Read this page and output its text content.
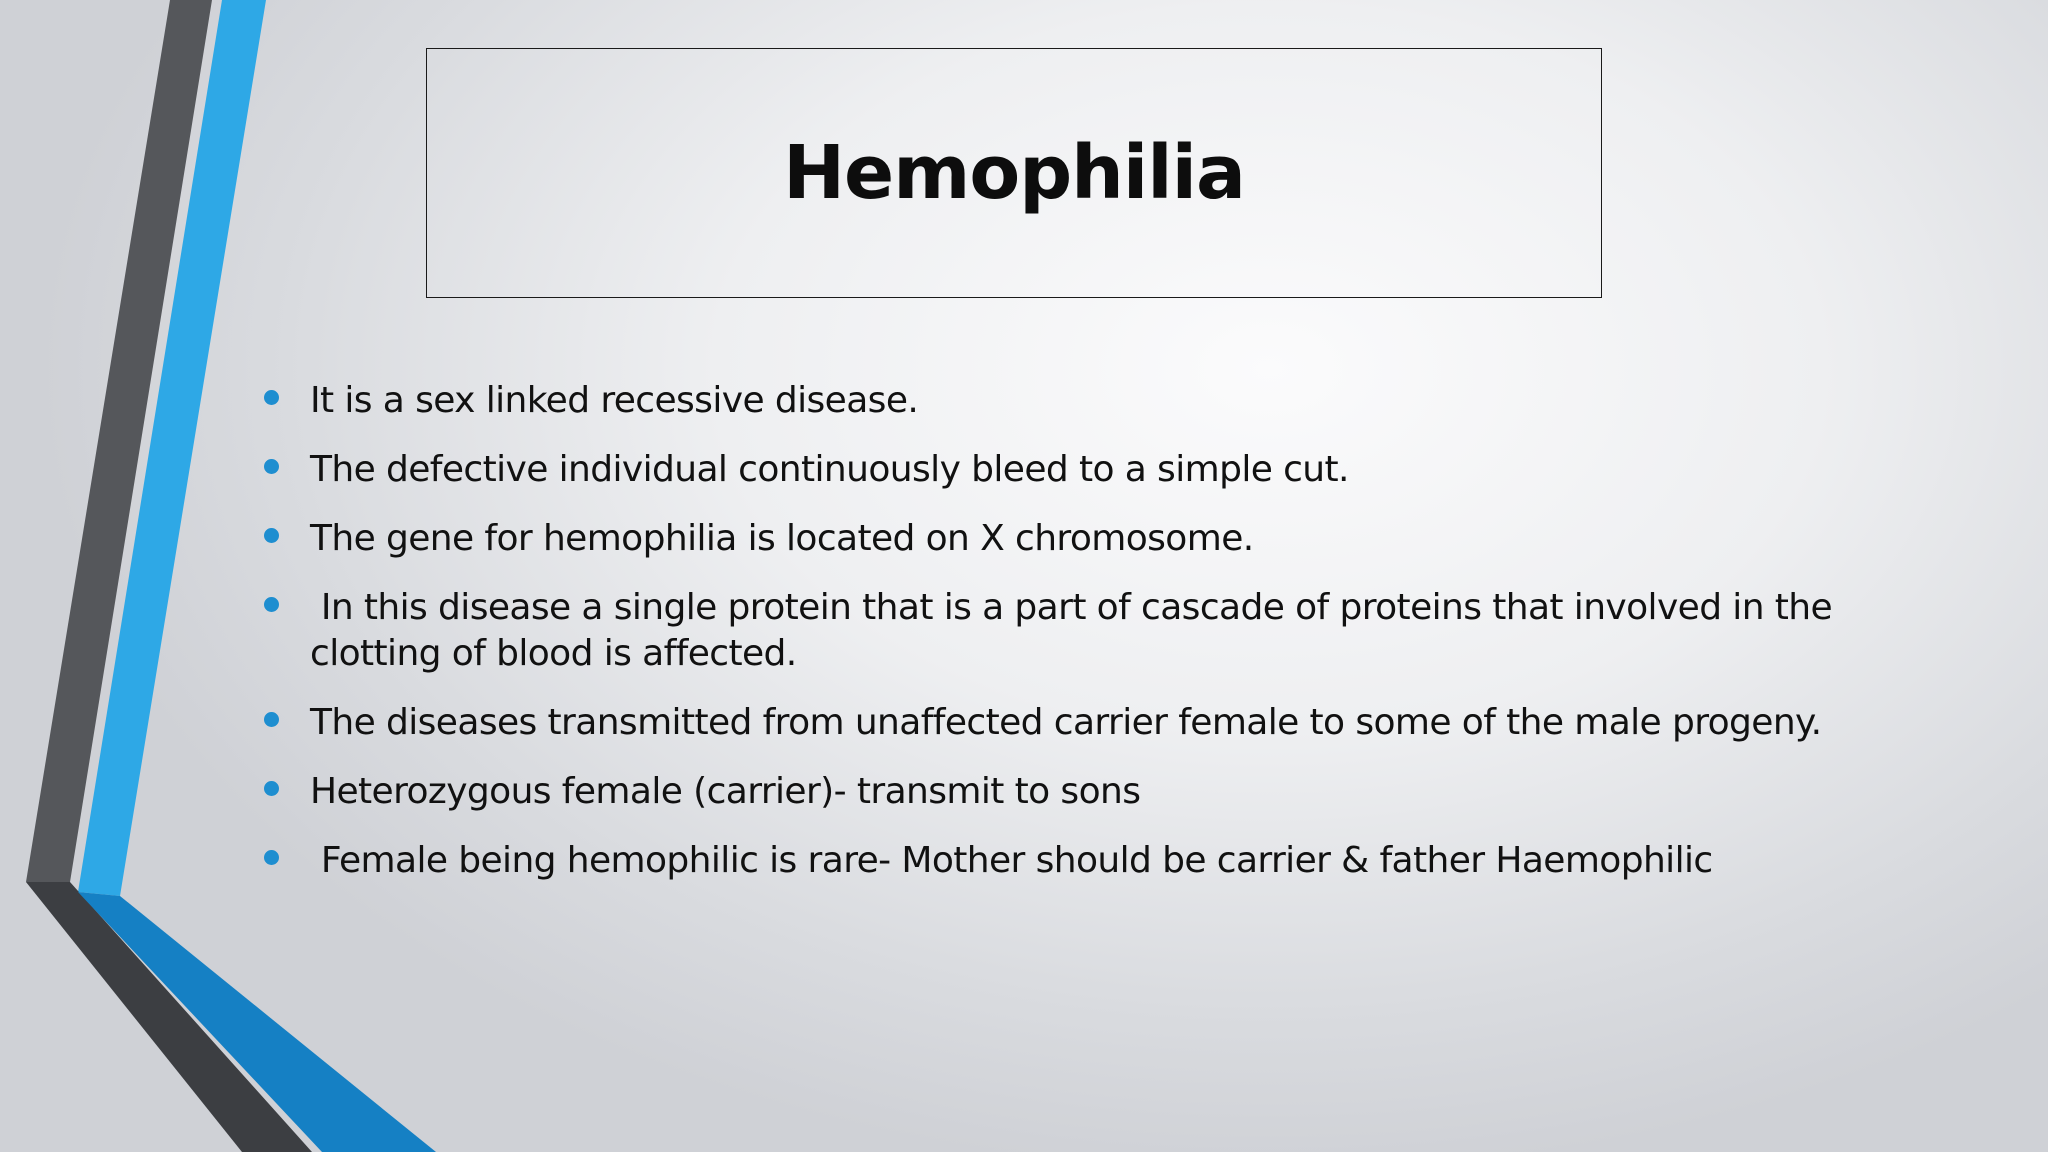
Hemophilia
It is a sex linked recessive disease.
The defective individual continuously bleed to a simple cut.
The gene for hemophilia is located on X chromosome.
In this disease a single protein that is a part of cascade of proteins that involved in the clotting of blood is affected.
The diseases transmitted from unaffected carrier female to some of the male progeny.
Heterozygous female (carrier)- transmit to sons
Female being hemophilic is rare- Mother should be carrier & father Haemophilic
